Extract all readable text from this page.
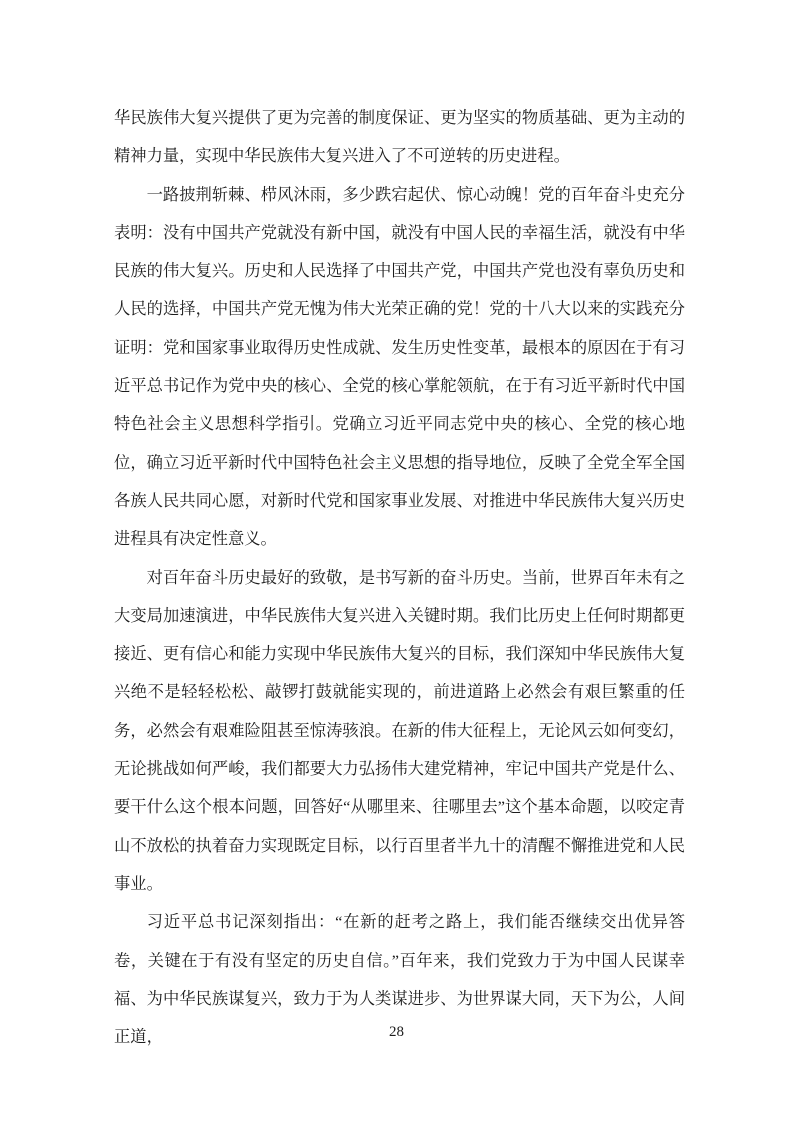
华民族伟大复兴提供了更为完善的制度保证、更为坚实的物质基础、更为主动的精神力量，实现中华民族伟大复兴进入了不可逆转的历史进程。

一路披荆斩棘、栉风沐雨，多少跌宕起伏、惊心动魄！党的百年奋斗史充分表明：没有中国共产党就没有新中国，就没有中国人民的幸福生活，就没有中华民族的伟大复兴。历史和人民选择了中国共产党，中国共产党也没有辜负历史和人民的选择，中国共产党无愧为伟大光荣正确的党！党的十八大以来的实践充分证明：党和国家事业取得历史性成就、发生历史性变革，最根本的原因在于有习近平总书记作为党中央的核心、全党的核心掌舵领航，在于有习近平新时代中国特色社会主义思想科学指引。党确立习近平同志党中央的核心、全党的核心地位，确立习近平新时代中国特色社会主义思想的指导地位，反映了全党全军全国各族人民共同心愿，对新时代党和国家事业发展、对推进中华民族伟大复兴历史进程具有决定性意义。

对百年奋斗历史最好的致敬，是书写新的奋斗历史。当前，世界百年未有之大变局加速演进，中华民族伟大复兴进入关键时期。我们比历史上任何时期都更接近、更有信心和能力实现中华民族伟大复兴的目标，我们深知中华民族伟大复兴绝不是轻轻松松、敲锣打鼓就能实现的，前进道路上必然会有艰巨繁重的任务，必然会有艰难险阻甚至惊涛骇浪。在新的伟大征程上，无论风云如何变幻，无论挑战如何严峻，我们都要大力弘扬伟大建党精神，牢记中国共产党是什么、要干什么这个根本问题，回答好“从哪里来、往哪里去”这个基本命题，以咬定青山不放松的执着奋力实现既定目标，以行百里者半九十的清醒不懈推进党和人民事业。

习近平总书记深刻指出：“在新的赶考之路上，我们能否继续交出优异答卷，关键在于有没有坚定的历史自信。”百年来，我们党致力于为中国人民谋幸福、为中华民族谋复兴，致力于为人类谋进步、为世界谋大同，天下为公，人间正道，	28
